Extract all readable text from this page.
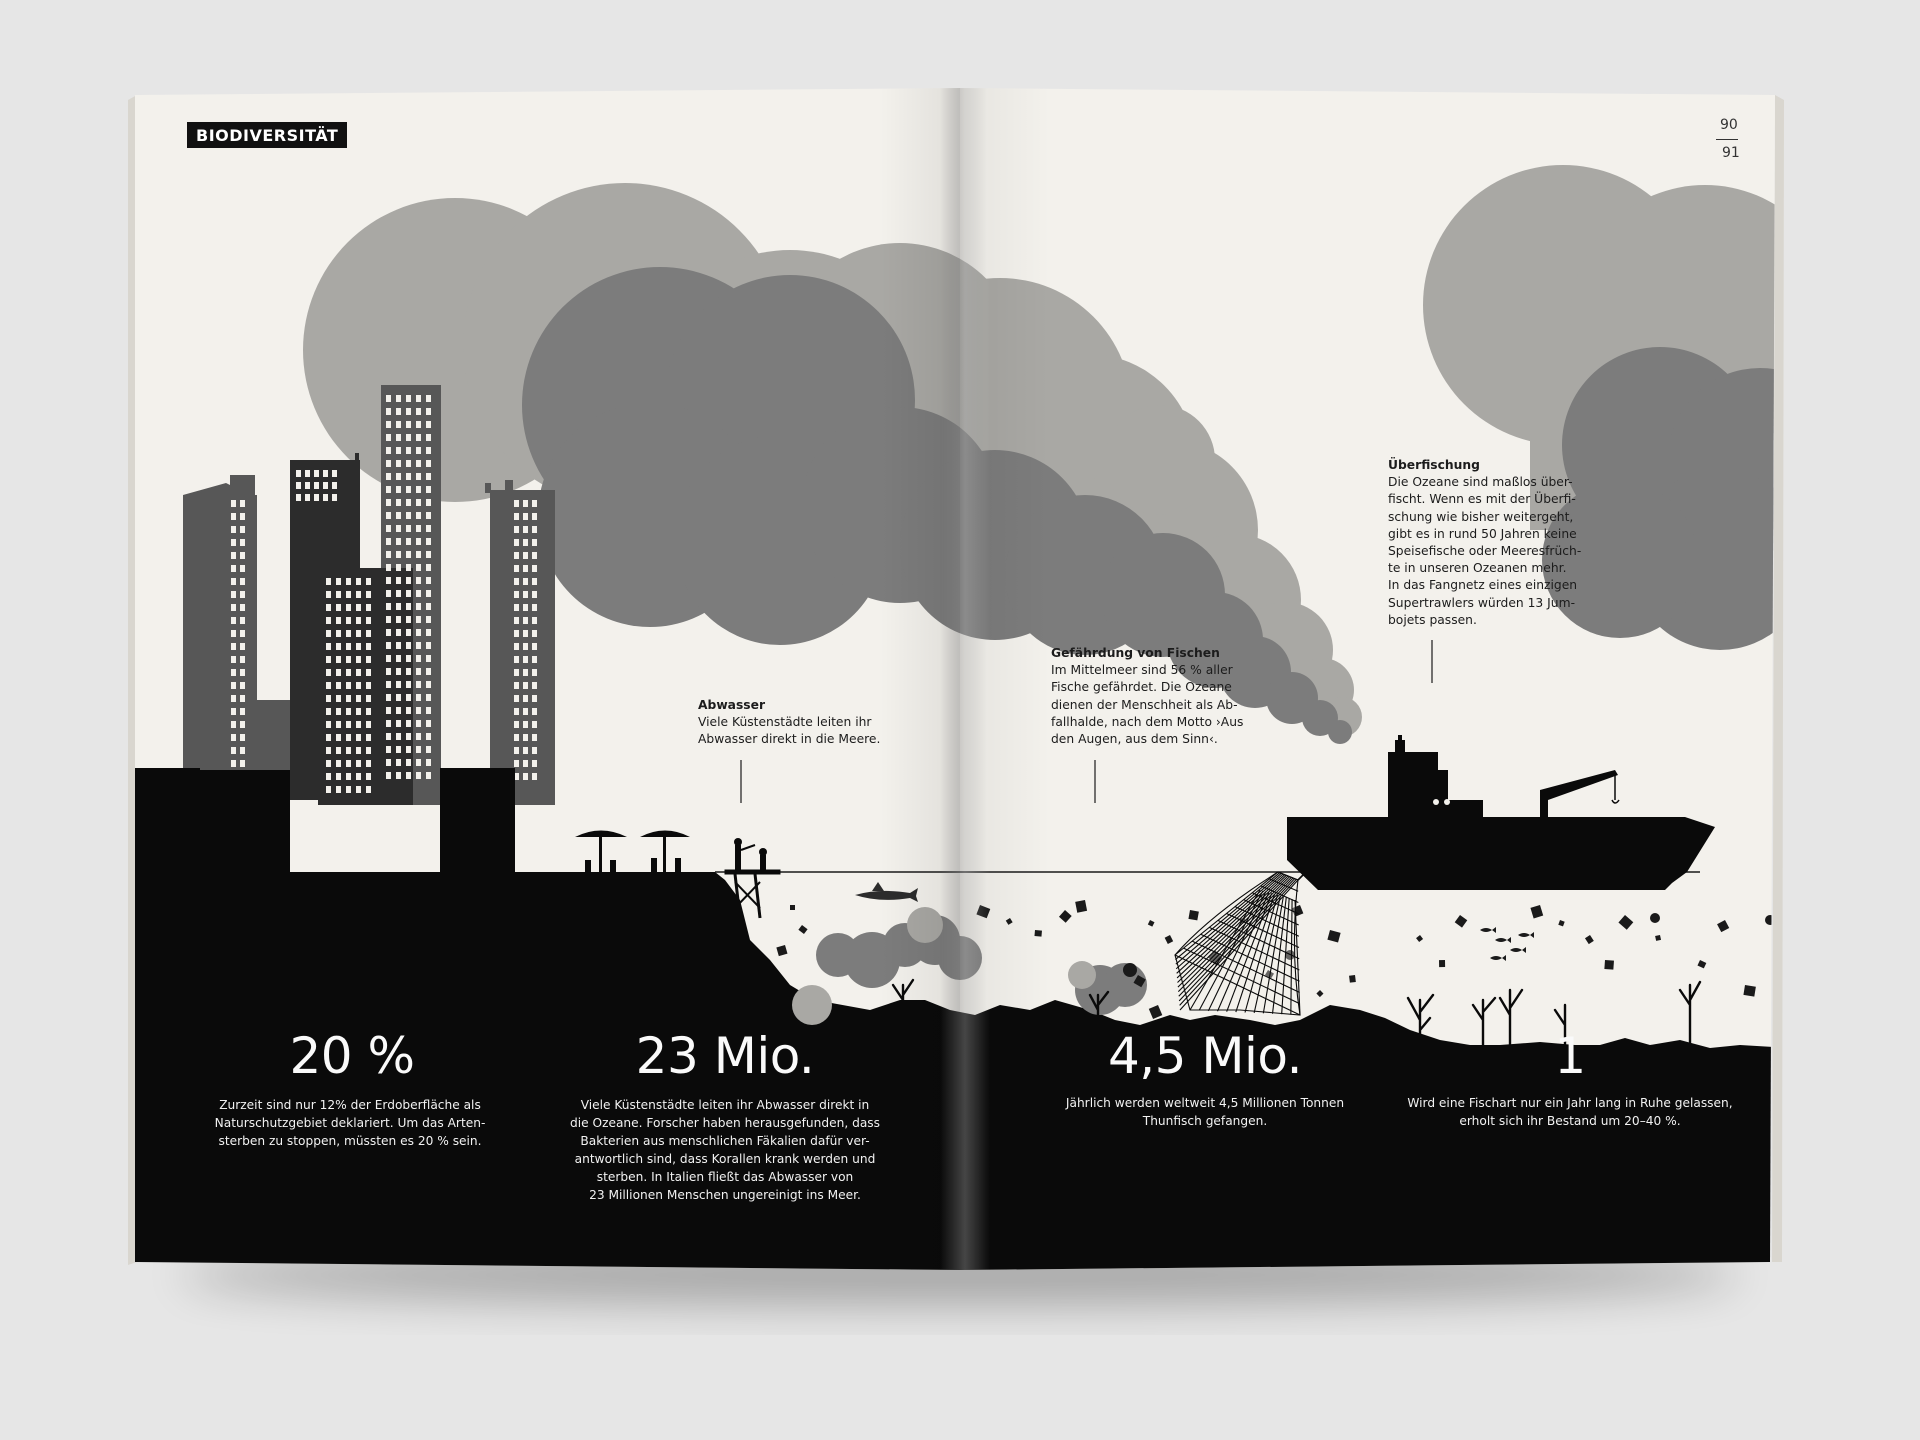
BIODIVERSITÄT
90
91
Abwasser
Viele Küstenstädte leiten ihr
Abwasser direkt in die Meere.
Gefährdung von Fischen
Im Mittelmeer sind 56 % aller
Fische gefährdet. Die Ozeane
dienen der Menschheit als Ab-
fallhalde, nach dem Motto ›Aus
den Augen, aus dem Sinn‹.
Überfischung
Die Ozeane sind maßlos über-
fischt. Wenn es mit der Überfi-
schung wie bisher weitergeht,
gibt es in rund 50 Jahren keine
Speisefische oder Meeresfrüch-
te in unseren Ozeanen mehr.
In das Fangnetz eines einzigen
Supertrawlers würden 13 Jum-
bojets passen.
20 %
Zurzeit sind nur 12% der Erdoberfläche als
Naturschutzgebiet deklariert. Um das Arten-
sterben zu stoppen, müssten es 20 % sein.
23 Mio.
Viele Küstenstädte leiten ihr Abwasser direkt in
die Ozeane. Forscher haben herausgefunden, dass
Bakterien aus menschlichen Fäkalien dafür ver-
antwortlich sind, dass Korallen krank werden und
sterben. In Italien fließt das Abwasser von
23 Millionen Menschen ungereinigt ins Meer.
4,5 Mio.
Jährlich werden weltweit 4,5 Millionen Tonnen
Thunfisch gefangen.
1
Wird eine Fischart nur ein Jahr lang in Ruhe gelassen,
erholt sich ihr Bestand um 20–40 %.
